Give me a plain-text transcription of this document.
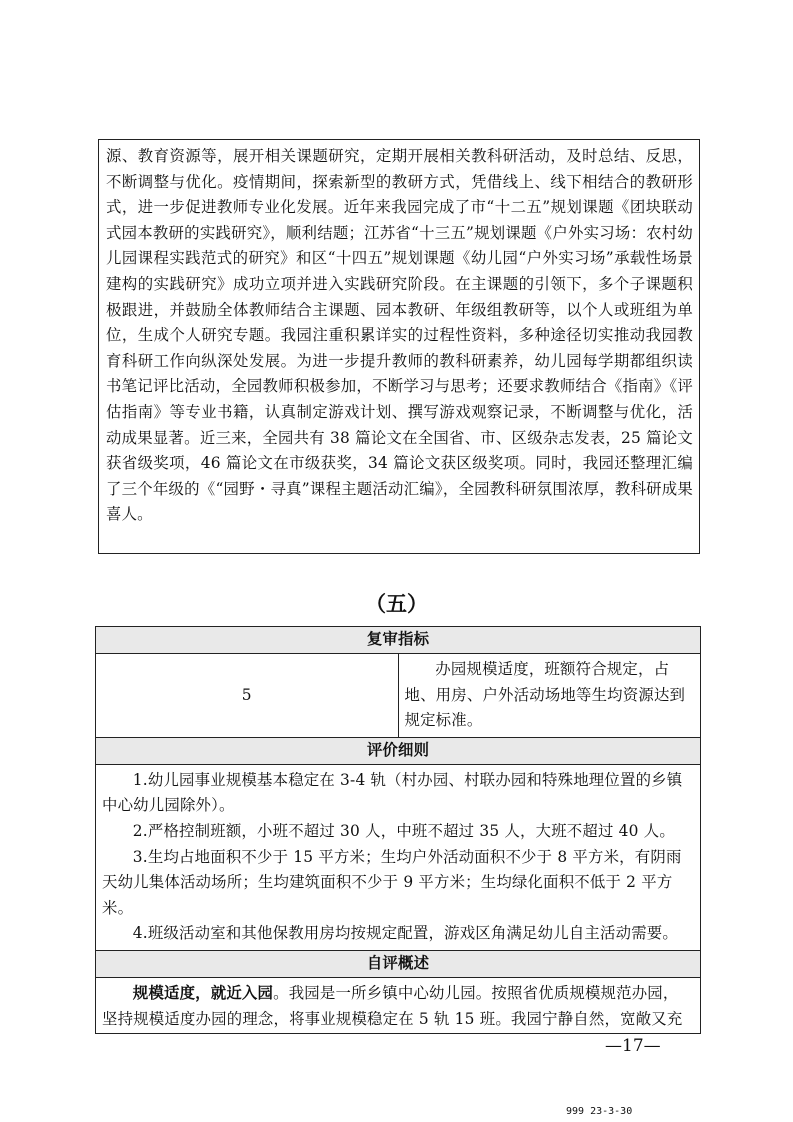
源、教育资源等，展开相关课题研究，定期开展相关教科研活动，及时总结、反思，不断调整与优化。疫情期间，探索新型的教研方式，凭借线上、线下相结合的教研形式，进一步促进教师专业化发展。近年来我园完成了市“十二五”规划课题《团块联动式园本教研的实践研究》，顺利结题；江苏省“十三五”规划课题《户外实习场：农村幼儿园课程实践范式的研究》和区“十四五”规划课题《幼儿园“户外实习场”承载性场景建构的实践研究》成功立项并进入实践研究阶段。在主课题的引领下，多个子课题积极跟进，并鼓励全体教师结合主课题、园本教研、年级组教研等，以个人或班组为单位，生成个人研究专题。我园注重积累详实的过程性资料，多种途径切实推动我园教育科研工作向纵深处发展。为进一步提升教师的教科研素养，幼儿园每学期都组织读书笔记评比活动，全园教师积极参加，不断学习与思考；还要求教师结合《指南》《评估指南》等专业书籍，认真制定游戏计划、撰写游戏观察记录，不断调整与优化，活动成果显著。近三来，全园共有 38 篇论文在全国省、市、区级杂志发表，25 篇论文获省级奖项，46 篇论文在市级获奖，34 篇论文获区级奖项。同时，我园还整理汇编了三个年级的《“园野・寻真”课程主题活动汇编》，全园教科研氛围浓厚，教科研成果喜人。

（五）
复审指标
5	办园规模适度，班额符合规定，占地、用房、户外活动场地等生均资源达到规定标准。
评价细则

1.幼儿园事业规模基本稳定在 3-4 轨（村办园、村联办园和特殊地理位置的乡镇中心幼儿园除外）。

2.严格控制班额，小班不超过 30 人，中班不超过 35 人，大班不超过 40 人。

3.生均占地面积不少于 15 平方米；生均户外活动面积不少于 8 平方米，有阴雨天幼儿集体活动场所；生均建筑面积不少于 9 平方米；生均绿化面积不低于 2 平方米。

4.班级活动室和其他保教用房均按规定配置，游戏区角满足幼儿自主活动需要。

自评概述
规模适度，就近入园。我园是一所乡镇中心幼儿园。按照省优质规模规范办园，坚持规模适度办园的理念，将事业规模稳定在 5 轨 15 班。我园宁静自然，宽敞又充
—17—
999 23-3-30
